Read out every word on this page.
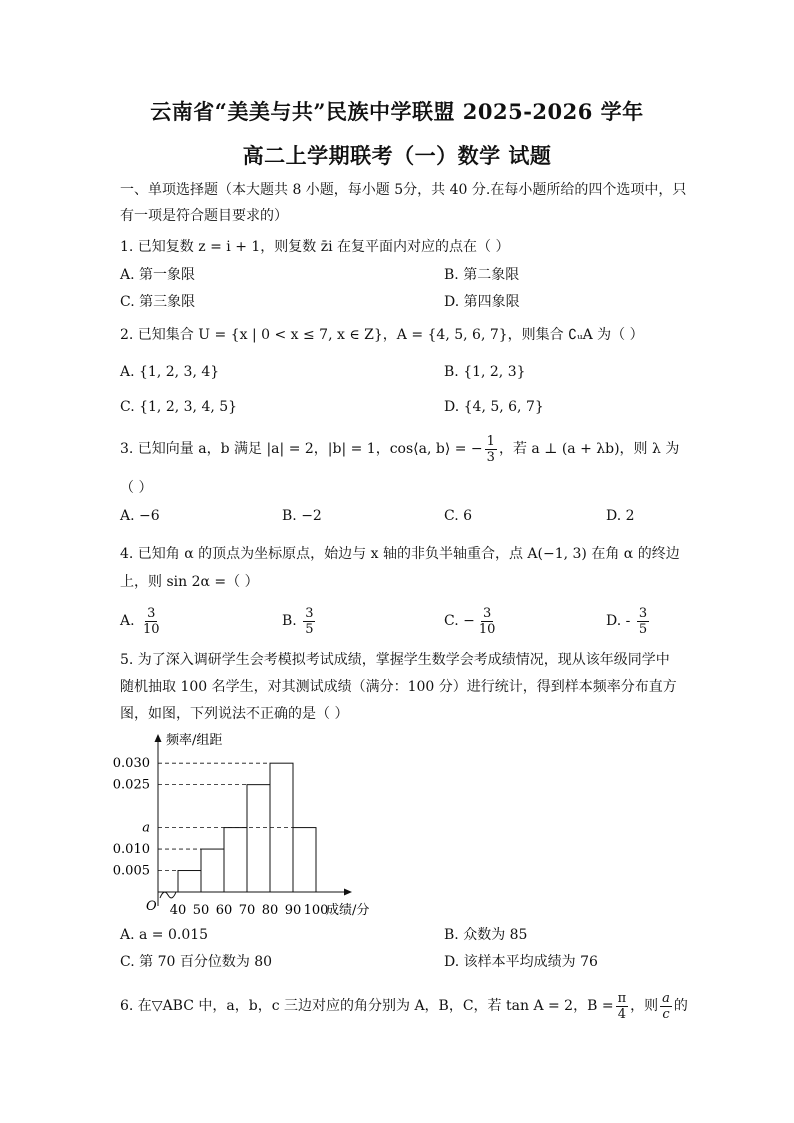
云南省“美美与共”民族中学联盟 2025-2026 学年
高二上学期联考（一）数学 试题
一、单项选择题（本大题共 8 小题，每小题 5分，共 40 分.在每小题所给的四个选项中，只
有一项是符合题目要求的）
1. 已知复数 z = i + 1，则复数 z̄i 在复平面内对应的点在（ ）
A. 第一象限	B. 第二象限
C. 第三象限	D. 第四象限
2. 已知集合 U = {x | 0 < x ≤ 7, x ∈ Z}，A = {4, 5, 6, 7}，则集合 ∁ᵤA 为（ ）
A. {1, 2, 3, 4}	B. {1, 2, 3}
C. {1, 2, 3, 4, 5}	D. {4, 5, 6, 7}
3. 已知向量 a，b 满足 |a| = 2，|b| = 1，cos⟨a, b⟩ = − $\frac{1}{3}$ ，若 a ⊥ (a + λb)，则 λ 为
（ ）
A. −6	B. −2	C. 6	D. 2
4. 已知角 α 的顶点为坐标原点，始边与 x 轴的非负半轴重合，点 A(−1, 3) 在角 α 的终边
上，则 sin 2α =（ ）
A. $\frac{3}{10}$	B. $\frac{3}{5}$	C. − $\frac{3}{10}$	D. - $\frac{3}{5}$
5. 为了深入调研学生会考模拟考试成绩，掌握学生数学会考成绩情况，现从该年级同学中
随机抽取 100 名学生，对其测试成绩（满分：100 分）进行统计，得到样本频率分布直方
图，如图，下列说法不正确的是（ ）
O
频率/组距
成绩/分
0.030
0.025
a
0.010
0.005
40 50 60 70 80 90 100
A. a = 0.015	B. 众数为 85
C. 第 70 百分位数为 80	D. 该样本平均成绩为 76
6. 在▽ABC 中，a，b，c 三边对应的角分别为 A，B，C，若 tan A = 2，$B = \frac{\pi}{4}$ ，则 $\frac{a}{c}$ 的
